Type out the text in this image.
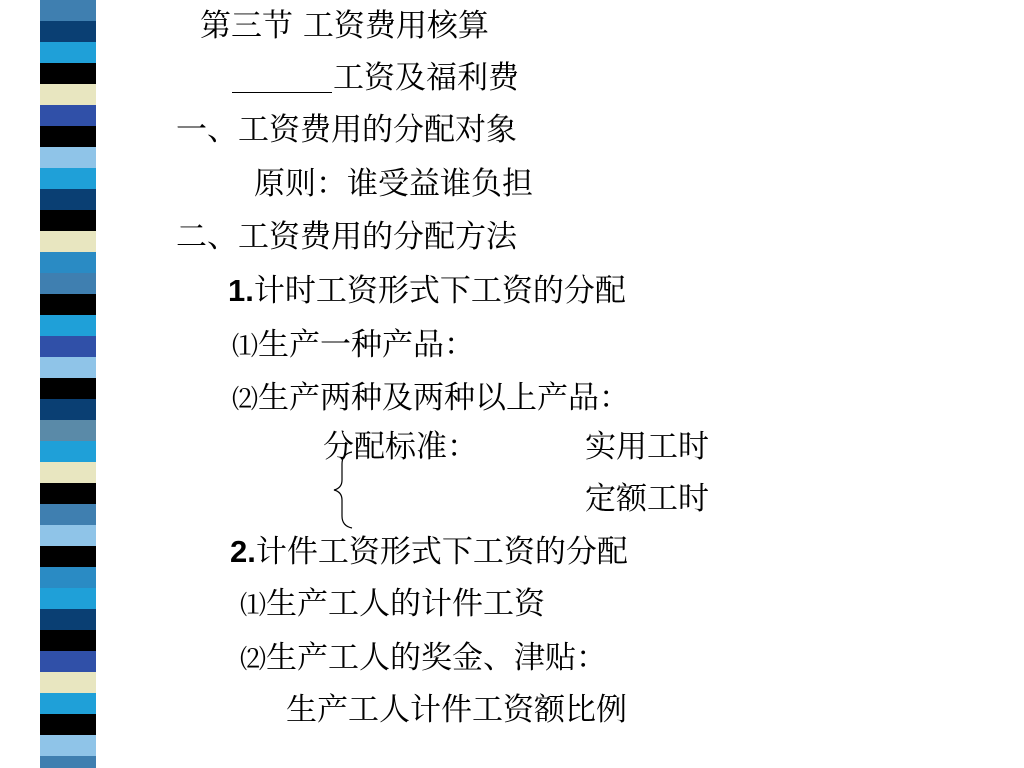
第三节 工资费用核算
工资及福利费
一、工资费用的分配对象
原则：谁受益谁负担
二、工资费用的分配方法
1.计时工资形式下工资的分配
⑴生产一种产品：
⑵生产两种及两种以上产品：
分配标准：	实用工时
定额工时
2.计件工资形式下工资的分配
⑴生产工人的计件工资
⑵生产工人的奖金、津贴：
生产工人计件工资额比例
